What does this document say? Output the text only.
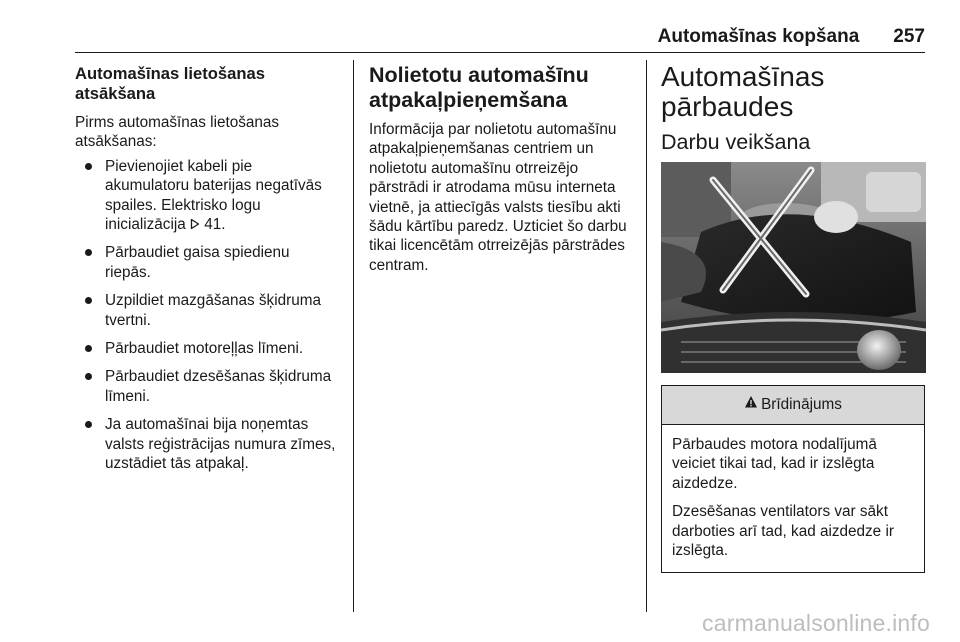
Automašīnas kopšana 257
Automašīnas lietošanas atsākšana

Pirms automašīnas lietošanas atsākšanas:

Pievienojiet kabeli pie akumulatoru baterijas negatīvās spailes. Elektrisko logu inicializācija 41.
Pārbaudiet gaisa spiedienu riepās.
Uzpildiet mazgāšanas šķidruma tvertni.
Pārbaudiet motoreļļas līmeni.
Pārbaudiet dzesēšanas šķidruma līmeni.
Ja automašīnai bija noņemtas valsts reģistrācijas numura zīmes, uzstādiet tās atpakaļ.
Nolietotu automašīnu atpakaļpieņemšana

Informācija par nolietotu automašīnu atpakaļpieņemšanas centriem un nolietotu automašīnu otrreizējo pārstrādi ir atrodama mūsu interneta vietnē, ja attiecīgās valsts tiesību akti šādu kārtību paredz. Uzticiet šo darbu tikai licencētām otrreizējās pārstrādes centram.

Automašīnas pārbaudes
Darbu veikšana
Brīdinājums

Pārbaudes motora nodalījumā veiciet tikai tad, kad ir izslēgta aizdedze.

Dzesēšanas ventilators var sākt darboties arī tad, kad aizdedze ir izslēgta.

carmanualsonline.info
